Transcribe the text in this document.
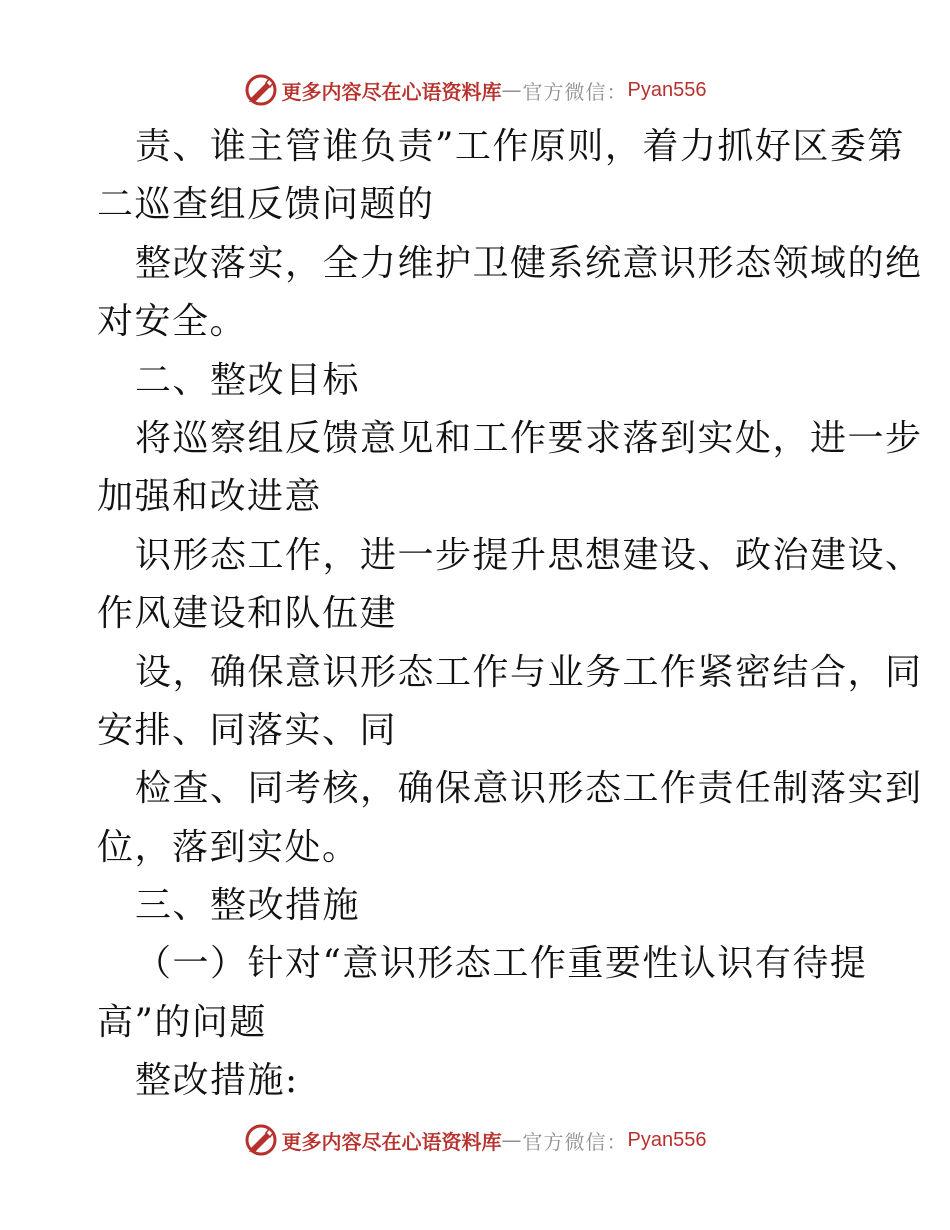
更多内容尽在心语资料库 — 官方微信： Pyan556
责、谁主管谁负责”工作原则，着力抓好区委第
二巡查组反馈问题的
整改落实，全力维护卫健系统意识形态领域的绝
对安全。
二、整改目标
将巡察组反馈意见和工作要求落到实处，进一步
加强和改进意
识形态工作，进一步提升思想建设、政治建设、
作风建设和队伍建
设，确保意识形态工作与业务工作紧密结合，同
安排、同落实、同
检查、同考核，确保意识形态工作责任制落实到
位，落到实处。
三、整改措施
（一）针对“意识形态工作重要性认识有待提
高”的问题
整改措施:
更多内容尽在心语资料库 — 官方微信： Pyan556
